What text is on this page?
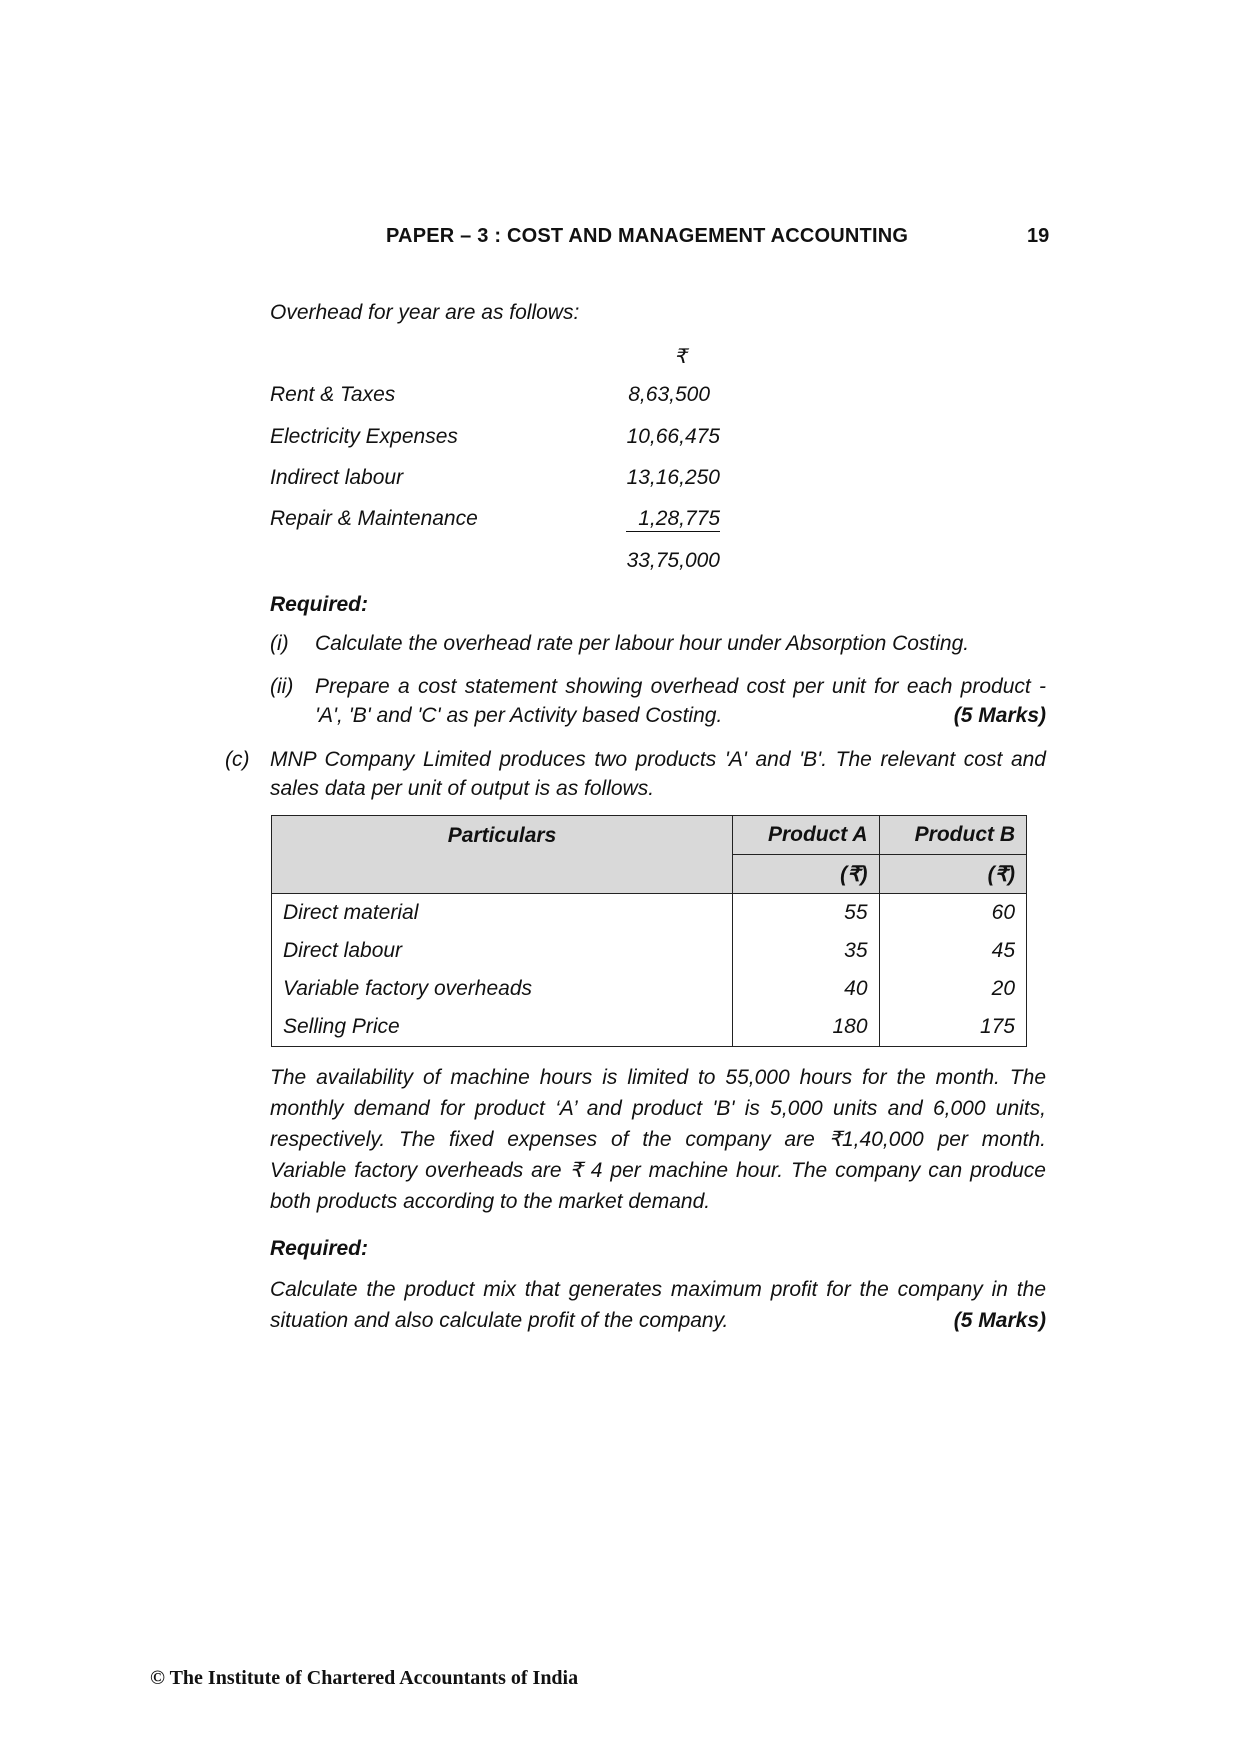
PAPER – 3 : COST AND MANAGEMENT ACCOUNTING	19
Overhead for year are as follows:
₹
Rent & Taxes	8,63,500
Electricity Expenses	10,66,475
Indirect labour	13,16,250
Repair & Maintenance	1,28,775
33,75,000
Required:
(i) Calculate the overhead rate per labour hour under Absorption Costing.
(ii) Prepare a cost statement showing overhead cost per unit for each product - 'A', 'B' and 'C' as per Activity based Costing.	(5 Marks)
(c) MNP Company Limited produces two products 'A' and 'B'. The relevant cost and sales data per unit of output is as follows.
Particulars	Product A	Product B
	(₹)	(₹)
Direct material	55	60
Direct labour	35	45
Variable factory overheads	40	20
Selling Price	180	175
The availability of machine hours is limited to 55,000 hours for the month. The monthly demand for product ‘A’ and product 'B' is 5,000 units and 6,000 units, respectively. The fixed expenses of the company are ₹1,40,000 per month. Variable factory overheads are ₹ 4 per machine hour. The company can produce both products according to the market demand.
Required:
Calculate the product mix that generates maximum profit for the company in the situation and also calculate profit of the company.	(5 Marks)
© The Institute of Chartered Accountants of India
